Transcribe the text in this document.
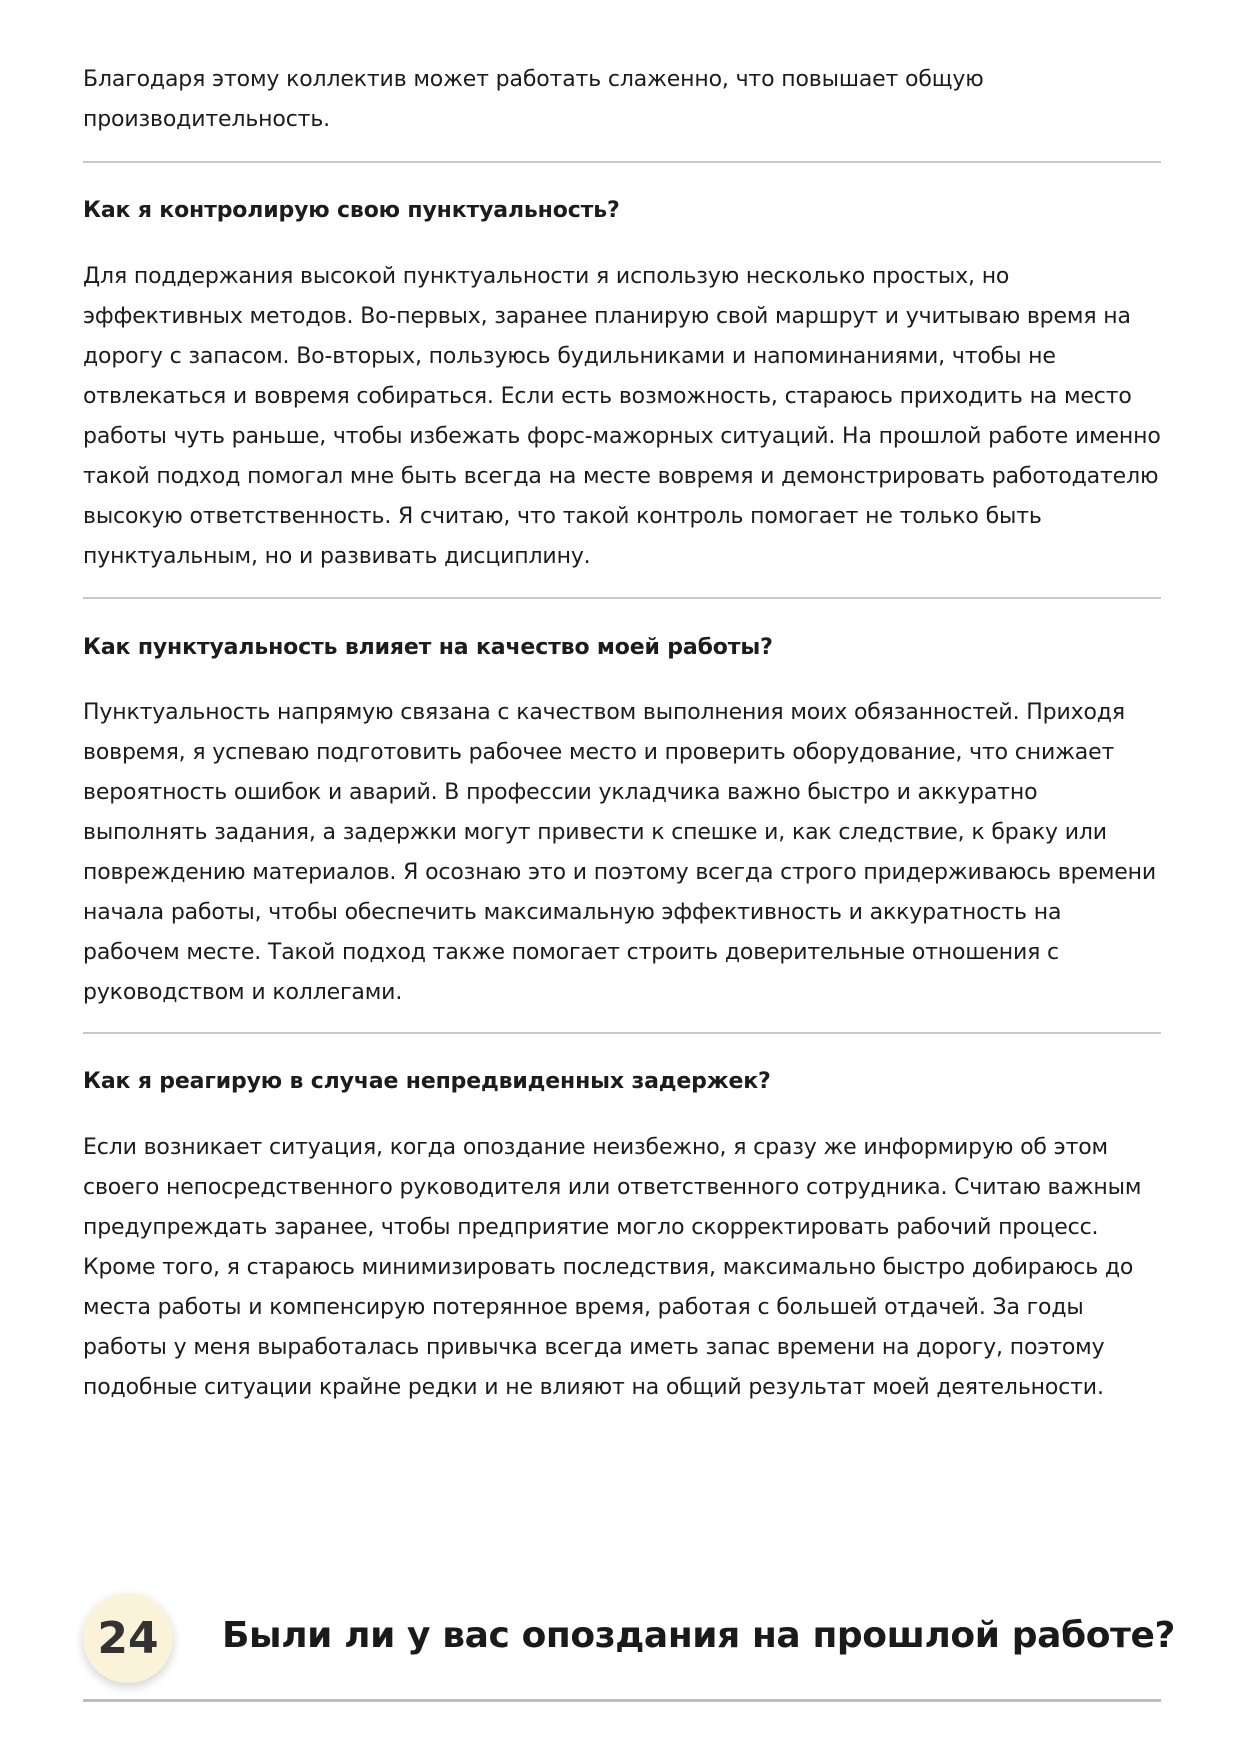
Благодаря этому коллектив может работать слаженно, что повышает общую производительность.

Как я контролирую свою пунктуальность?

Для поддержания высокой пунктуальности я использую несколько простых, но эффективных методов. Во-первых, заранее планирую свой маршрут и учитываю время на дорогу с запасом. Во-вторых, пользуюсь будильниками и напоминаниями, чтобы не отвлекаться и вовремя собираться. Если есть возможность, стараюсь приходить на место работы чуть раньше, чтобы избежать форс-мажорных ситуаций. На прошлой работе именно такой подход помогал мне быть всегда на месте вовремя и демонстрировать работодателю высокую ответственность. Я считаю, что такой контроль помогает не только быть пунктуальным, но и развивать дисциплину.

Как пунктуальность влияет на качество моей работы?

Пунктуальность напрямую связана с качеством выполнения моих обязанностей. Приходя вовремя, я успеваю подготовить рабочее место и проверить оборудование, что снижает вероятность ошибок и аварий. В профессии укладчика важно быстро и аккуратно выполнять задания, а задержки могут привести к спешке и, как следствие, к браку или повреждению материалов. Я осознаю это и поэтому всегда строго придерживаюсь времени начала работы, чтобы обеспечить максимальную эффективность и аккуратность на рабочем месте. Такой подход также помогает строить доверительные отношения с руководством и коллегами.

Как я реагирую в случае непредвиденных задержек?

Если возникает ситуация, когда опоздание неизбежно, я сразу же информирую об этом своего непосредственного руководителя или ответственного сотрудника. Считаю важным предупреждать заранее, чтобы предприятие могло скорректировать рабочий процесс. Кроме того, я стараюсь минимизировать последствия, максимально быстро добираюсь до места работы и компенсирую потерянное время, работая с большей отдачей. За годы работы у меня выработалась привычка всегда иметь запас времени на дорогу, поэтому подобные ситуации крайне редки и не влияют на общий результат моей деятельности.

24	Были ли у вас опоздания на прошлой работе?
